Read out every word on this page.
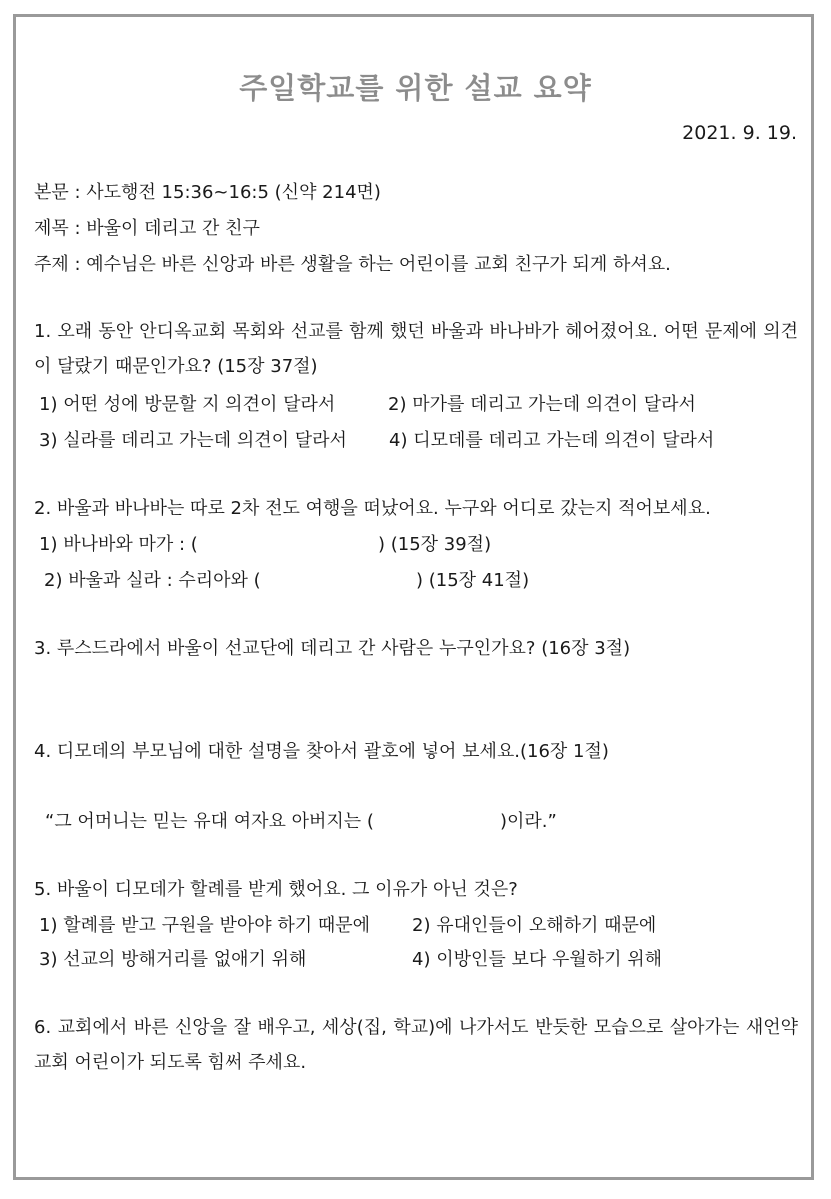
주일학교를 위한 설교 요약
2021. 9. 19.
본문 : 사도행전 15:36~16:5 (신약 214면)
제목 : 바울이 데리고 간 친구
주제 : 예수님은 바른 신앙과 바른 생활을 하는 어린이를 교회 친구가 되게 하셔요.
1. 오래 동안 안디옥교회 목회와 선교를 함께 했던 바울과 바나바가 헤어졌어요. 어떤 문제에 의견이 달랐기 때문인가요? (15장 37절)
1) 어떤 성에 방문할 지 의견이 달라서	2) 마가를 데리고 가는데 의견이 달라서
3) 실라를 데리고 가는데 의견이 달라서 4) 디모데를 데리고 가는데 의견이 달라서
2. 바울과 바나바는 따로 2차 전도 여행을 떠났어요. 누구와 어디로 갔는지 적어보세요.
1) 바나바와 마가 : (	) (15장 39절)
2) 바울과 실라 : 수리아와 (	) (15장 41절)
3. 루스드라에서 바울이 선교단에 데리고 간 사람은 누구인가요? (16장 3절)
4. 디모데의 부모님에 대한 설명을 찾아서 괄호에 넣어 보세요.(16장 1절)
“그 어머니는 믿는 유대 여자요 아버지는 (	)이라.”
5. 바울이 디모데가 할례를 받게 했어요. 그 이유가 아닌 것은?
1) 할례를 받고 구원을 받아야 하기 때문에 2) 유대인들이 오해하기 때문에
3) 선교의 방해거리를 없애기 위해	4) 이방인들 보다 우월하기 위해
6. 교회에서 바른 신앙을 잘 배우고, 세상(집, 학교)에 나가서도 반듯한 모습으로 살아가는 새언약교회 어린이가 되도록 힘써 주세요.
